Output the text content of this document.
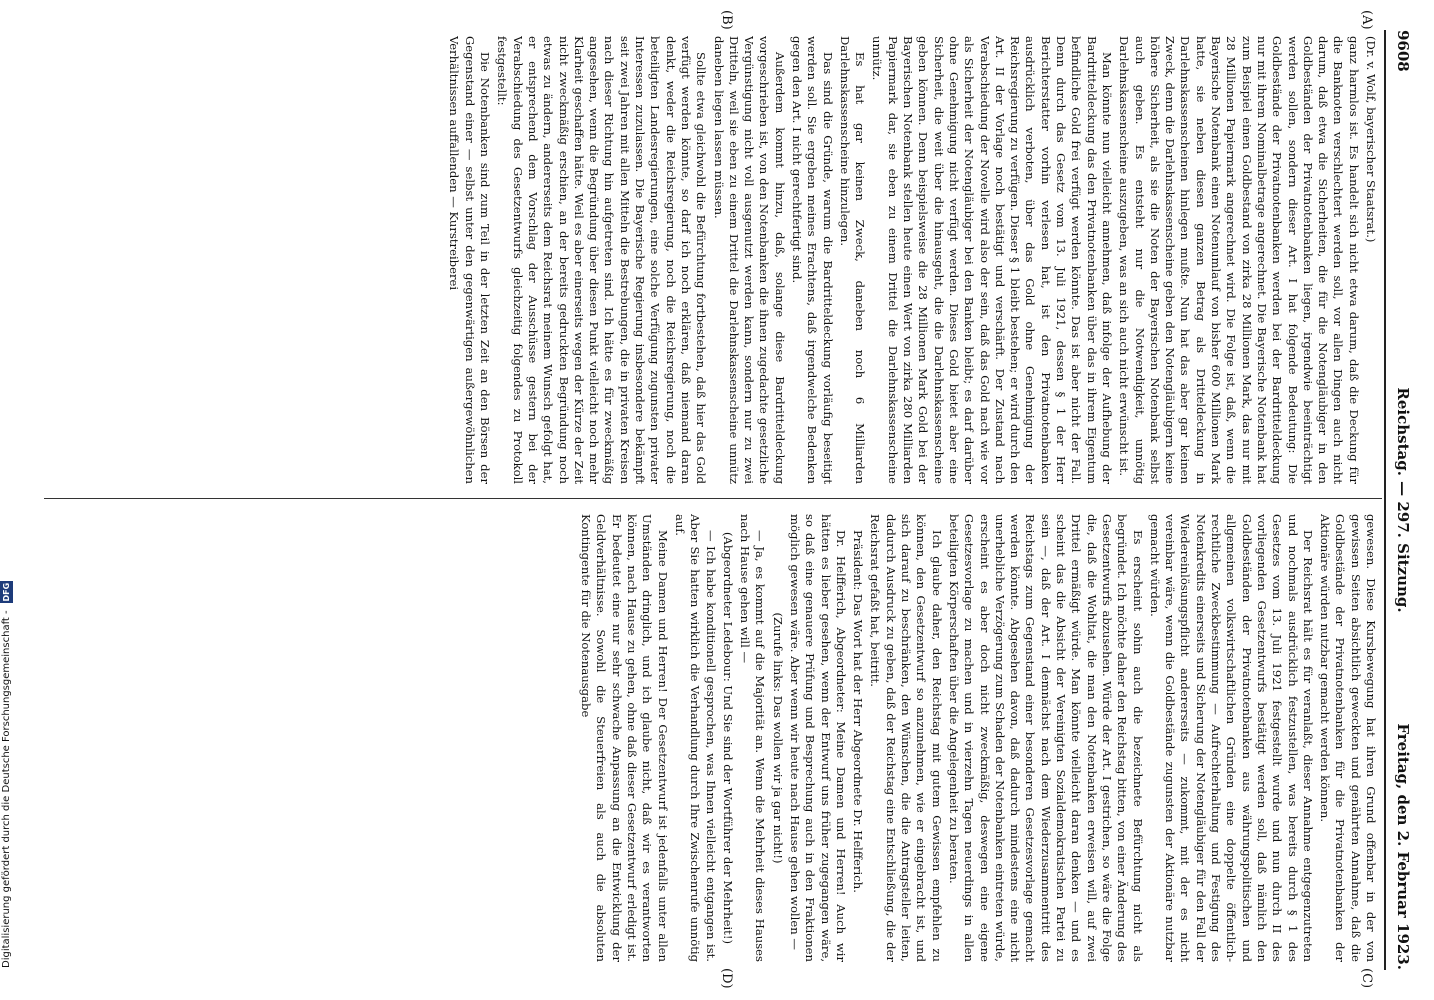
9608
Reichstag. — 297. Sitzung.
Freitag, den 2. Februar 1923.
(A)
(B)
(C)
(D)

(Dr. v. Wolf, bayerischer Staatsrat.)

ganz harmlos ist. Es handelt sich nicht etwa darum, daß die Deckung für die Banknoten verschlechtert werden soll, vor allen Dingen auch nicht darum, daß etwa die Sicherheiten, die für die Notengläubiger in den Goldbeständen der Privatnotenbanken liegen, irgendwie beeinträchtigt werden sollen, sondern dieser Art. I hat folgende Bedeutung: Die Goldbestände der Privatnotenbanken werden bei der Bardritteldeckung nur mit ihrem Nominalbetrage angerechnet. Die Bayerische Notenbank hat zum Beispiel einen Goldbestand von zirka 28 Millionen Mark, das nur mit 28 Millionen Papiermark angerechnet wird. Die Folge ist, daß, wenn die Bayerische Notenbank einen Notenumlauf von bisher 600 Millionen Mark hatte, sie neben diesen ganzen Betrag als Dritteldeckung in Darlehnskassenscheinen hinlegen mußte. Nun hat das aber gar keinen Zweck, denn die Darlehnskassenscheine geben den Notengläubigern keine höhere Sicherheit, als sie die Noten der Bayerischen Notenbank selbst auch geben. Es entsteht nur die Notwendigkeit, unnötig Darlehnskassenscheine auszugeben, was an sich auch nicht erwünscht ist.

Man könnte nun vielleicht annehmen, daß infolge der Aufhebung der Bardritteldeckung das den Privatnotenbanken über das in ihrem Eigentum befindliche Gold frei verfügt werden könnte. Das ist aber nicht der Fall. Denn durch das Gesetz vom 13. Juli 1921, dessen § 1 der Herr Berichterstatter vorhin verlesen hat, ist den Privatnotenbanken ausdrücklich verboten, über das Gold ohne Genehmigung der Reichsregierung zu verfügen. Dieser § 1 bleibt bestehen; er wird durch den Art. II der Vorlage noch bestätigt und verschärft. Der Zustand nach Verabschiedung der Novelle wird also der sein, daß das Gold nach wie vor als Sicherheit der Notengläubiger bei den Banken bleibt; es darf darüber ohne Genehmigung nicht verfügt werden. Dieses Gold bietet aber eine Sicherheit, die weit über die hinausgeht, die die Darlehnskassenscheine geben können. Denn beispielsweise die 28 Millionen Mark Gold bei der Bayerischen Notenbank stellen heute einen Wert von zirka 280 Milliarden Papiermark dar, sie eben zu einem Drittel die Darlehnskassenscheine unnütz.

Es hat gar keinen Zweck, daneben noch 6 Milliarden Darlehnskassenscheine hinzulegen.

Das sind die Gründe, warum die Bardritteldeckung vorläufig beseitigt werden soll. Sie ergeben meines Erachtens, daß irgendwelche Bedenken gegen den Art. I nicht gerechtfertigt sind.

Außerdem kommt hinzu, daß, solange diese Bardritteldeckung vorgeschrieben ist, von den Notenbanken die ihnen zugedachte gesetzliche Vergünstigung nicht voll ausgenutzt werden kann, sondern nur zu zwei Dritteln, weil sie eben zu einem Drittel die Darlehnskassenscheine unnütz daneben liegen lassen müssen.

Sollte etwa gleichwohl die Befürchtung fortbestehen, daß hier das Gold verfügt werden könnte, so darf ich noch erklären, daß niemand daran denkt, weder die Reichsregierung, noch die Reichsregierung, noch die beteiligten Landesregierungen, eine solche Verfügung zugunsten privater Interessen zuzulassen. Die Bayerische Regierung insbesondere bekämpft seit zwei Jahren mit allen Mitteln die Bestrebungen, die in privaten Kreisen nach dieser Richtung hin aufgetreten sind. Ich hätte es für zweckmäßig angesehen, wenn die Begründung über diesen Punkt vielleicht noch mehr Klarheit geschaffen hätte. Weil es aber einerseits wegen der Kürze der Zeit nicht zweckmäßig erschien, an der bereits gedruckten Begründung noch etwas zu ändern, andererseits dem Reichsrat meinem Wunsch gefolgt hat, er entsprechend dem Vorschlag der Ausschüsse gestern bei der Verabschiedung des Gesetzentwurfs gleichzeitig folgendes zu Protokoll festgestellt:

Die Notenbanken sind zum Teil in der letzten Zeit an den Börsen der Gegenstand einer — selbst unter den gegenwärtigen außergewöhnlichen Verhältnissen auffallenden — Kurstreiberei

gewesen. Diese Kursbewegung hat ihren Grund offenbar in der von gewissen Seiten absichtlich geweckten und genährten Annahme, daß die Goldbestände der Privatnotenbanken für die Privatnotenbanken der Aktionäre würden nutzbar gemacht werden können.

Der Reichsrat hält es für veranlaßt, dieser Annahme entgegenzutreten und nochmals ausdrücklich festzustellen, was bereits durch § 1 des Gesetzes vom 13. Juli 1921 festgestellt wurde und nun durch II des vorliegenden Gesetzentwurfs bestätigt werden soll, daß nämlich den Goldbeständen der Privatnotenbanken aus währungspolitischen und allgemeinen volkswirtschaftlichen Gründen eine doppelte öffentlich-rechtliche Zweckbestimmung — Aufrechterhaltung und Festigung des Notenkredits einerseits und Sicherung der Notengläubiger für den Fall der Wiedereinlösungspflicht andererseits — zukommt, mit der es nicht vereinbar wäre, wenn die Goldbestände zugunsten der Aktionäre nutzbar gemacht würden.

Es erscheint sohin auch die bezeichnete Befürchtung nicht als begründet. Ich möchte daher den Reichstag bitten, von einer Änderung des Gesetzentwurfs abzusehen. Würde der Art. I gestrichen, so wäre die Folge die, daß die Wohltat, die man den Notenbanken erweisen will, auf zwei Drittel ermäßigt würde. Man könnte vielleicht daran denken — und es scheint das die Absicht der Vereinigten Sozialdemokratischen Partei zu sein —, daß der Art. I demnächst nach dem Wiederzusammentritt des Reichstags zum Gegenstand einer besonderen Gesetzesvorlage gemacht werden könnte. Abgesehen davon, daß dadurch mindestens eine nicht unerhebliche Verzögerung zum Schaden der Notenbanken eintreten würde, erscheint es aber doch nicht zweckmäßig, deswegen eine eigene Gesetzesvorlage zu machen und in vierzehn Tagen neuerdings in allen beteiligten Körperschaften über die Angelegenheit zu beraten.

Ich glaube daher, den Reichstag mit gutem Gewissen empfehlen zu können, den Gesetzentwurf so anzunehmen, wie er eingebracht ist, und sich darauf zu beschränken, den Wünschen, die die Antragsteller leiten, dadurch Ausdruck zu geben, daß der Reichstag eine Entschließung, die der Reichsrat gefaßt hat, beitritt.

Präsident: Das Wort hat der Herr Abgeordnete Dr. Helfferich.

Dr. Helfferich, Abgeordneter: Meine Damen und Herren! Auch wir hätten es lieber gesehen, wenn der Entwurf uns früher zugegangen wäre, so daß eine genauere Prüfung und Besprechung auch in den Fraktionen möglich gewesen wäre. Aber wenn wir heute nach Hause gehen wollen —

(Zurufe links: Das wollen wir ja gar nicht!)

— Ja, es kommt auf die Majorität an. Wenn die Mehrheit dieses Hauses nach Hause gehen will —

(Abgeordneter Ledebour: Und Sie sind der Wortführer der Mehrheit!)

— Ich habe konditionell gesprochen, was Ihnen vielleicht entgangen ist. Aber Sie hatten wirklich die Verhandlung durch Ihre Zwischenrufe unnötig auf.

Meine Damen und Herren! Der Gesetzentwurf ist jedenfalls unter allen Umständen dringlich, und ich glaube nicht, daß wir es verantworten können, nach Hause zu gehen, ohne daß dieser Gesetzentwurf erledigt ist. Er bedeutet eine nur sehr schwache Anpassung an die Entwicklung der Geldverhältnisse. Sowohl die Steuerfreien als auch die absoluten Kontingente für die Notenausgabe

Digitalisierung gefördert durch die Deutsche Forschungsgemeinschaft - DFG
